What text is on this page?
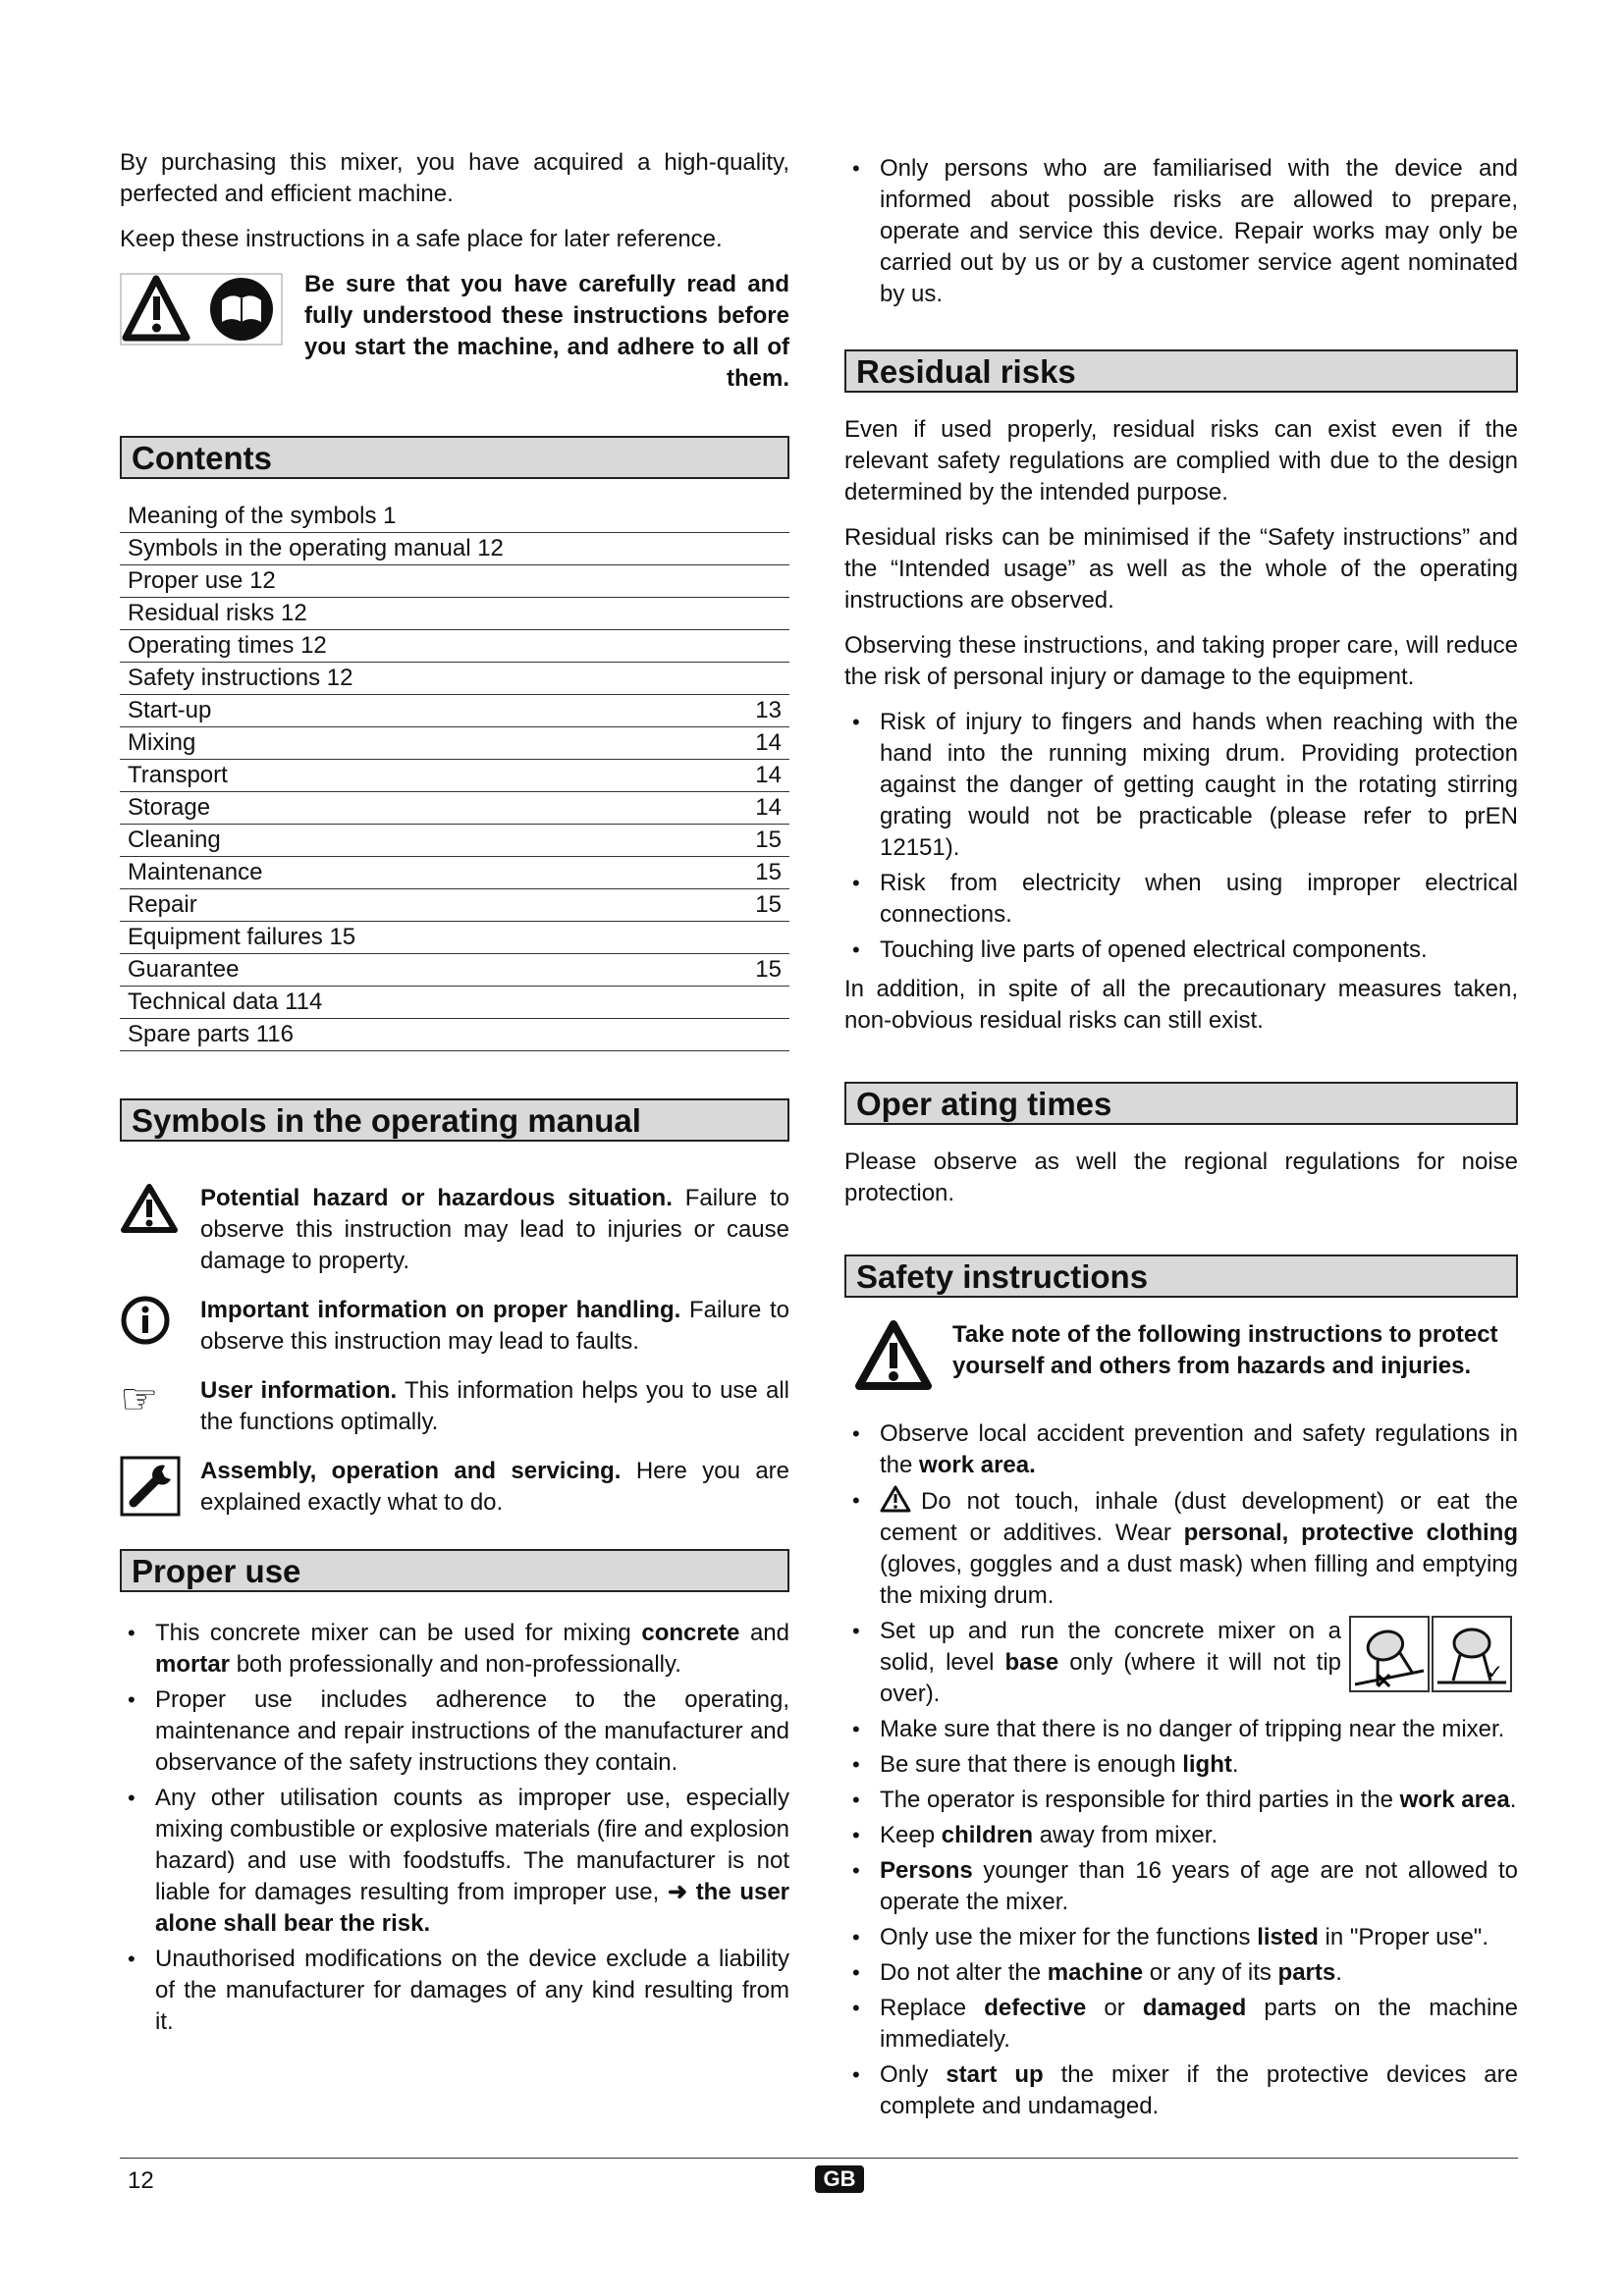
By purchasing this mixer, you have acquired a high-quality, perfected and efficient machine.

Keep these instructions in a safe place for later reference.

Be sure that you have carefully read and fully understood these instructions before you start the machine, and adhere to all of them.

Contents
Meaning of the symbols 1	
Symbols in the operating manual 12	
Proper use 12	
Residual risks 12	
Operating times 12	
Safety instructions 12	
Start-up	13
Mixing	14
Transport	14
Storage	14
Cleaning	15
Maintenance	15
Repair	15
Equipment failures 15	
Guarantee	15
Technical data 114	
Spare parts 116	
Symbols in the operating manual

Potential hazard or hazardous situation. Failure to observe this instruction may lead to injuries or cause damage to property.

Important information on proper handling. Failure to observe this instruction may lead to faults.

☞	User information. This information helps you to use all the functions optimally.

Assembly, operation and servicing. Here you are explained exactly what to do.

Proper use
• This concrete mixer can be used for mixing concrete and mortar both professionally and non-professionally.
• Proper use includes adherence to the operating, maintenance and repair instructions of the manufacturer and observance of the safety instructions they contain.
• Any other utilisation counts as improper use, especially mixing combustible or explosive materials (fire and explosion hazard) and use with foodstuffs. The manufacturer is not liable for damages resulting from improper use, ➜ the user alone shall bear the risk.
• Unauthorised modifications on the device exclude a liability of the manufacturer for damages of any kind resulting from it.
• Only persons who are familiarised with the device and informed about possible risks are allowed to prepare, operate and service this device. Repair works may only be carried out by us or by a customer service agent nominated by us.
Residual risks

Even if used properly, residual risks can exist even if the relevant safety regulations are complied with due to the design determined by the intended purpose.

Residual risks can be minimised if the “Safety instructions” and the “Intended usage” as well as the whole of the operating instructions are observed.

Observing these instructions, and taking proper care, will reduce the risk of personal injury or damage to the equipment.

• Risk of injury to fingers and hands when reaching with the hand into the running mixing drum. Providing protection against the danger of getting caught in the rotating stirring grating would not be practicable (please refer to prEN 12151).
• Risk from electricity when using improper electrical connections.
• Touching live parts of opened electrical components.

In addition, in spite of all the precautionary measures taken, non-obvious residual risks can still exist.

Oper ating times

Please observe as well the regional regulations for noise protection.

Safety instructions

Take note of the following instructions to protect yourself and others from hazards and injuries.

• Observe local accident prevention and safety regulations in the work area.
• Do not touch, inhale (dust development) or eat the cement or additives. Wear personal, protective clothing (gloves, goggles and a dust mask) when filling and emptying the mixing drum.
• Set up and run the concrete mixer on a solid, level base only (where it will not tip over).	✕	✓
• Make sure that there is no danger of tripping near the mixer.
• Be sure that there is enough light.
• The operator is responsible for third parties in the work area.
• Keep children away from mixer.
• Persons younger than 16 years of age are not allowed to operate the mixer.
• Only use the mixer for the functions listed in "Proper use".
• Do not alter the machine or any of its parts.
• Replace defective or damaged parts on the machine immediately.
• Only start up the mixer if the protective devices are complete and undamaged.
12	GB
